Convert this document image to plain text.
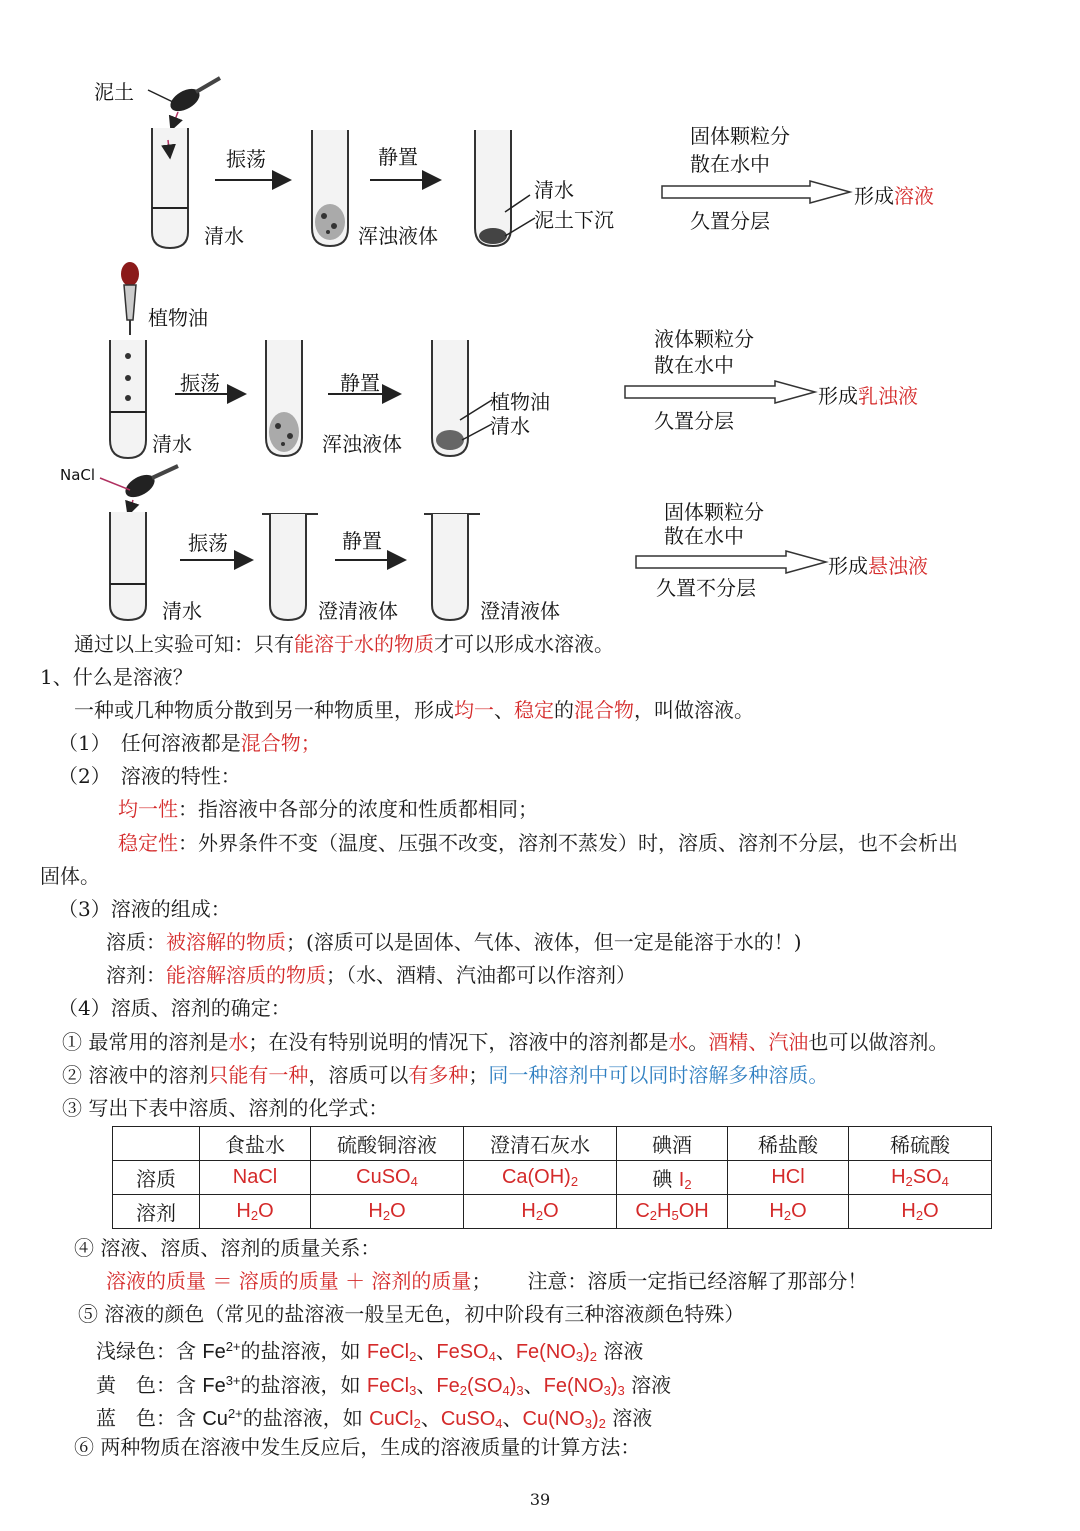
泥土
振荡	静置
清水	浑浊液体
清水
泥土下沉
固体颗粒分
散在水中
久置分层
形成溶液
植物油
振荡	静置
清水	浑浊液体
植物油
清水
液体颗粒分
散在水中
久置分层
形成乳浊液
NaCl
振荡	静置
清水	澄清液体	澄清液体
固体颗粒分
散在水中
久置不分层
形成悬浊液
通过以上实验可知：只有能溶于水的物质才可以形成水溶液。
1、什么是溶液？
一种或几种物质分散到另一种物质里，形成均一、稳定的混合物，叫做溶液。
（1）　任何溶液都是混合物；
（2）　溶液的特性：
均一性：指溶液中各部分的浓度和性质都相同；
稳定性：外界条件不变（温度、压强不改变，溶剂不蒸发）时，溶质、溶剂不分层，也不会析出
固体。
（3）溶液的组成：
溶质：被溶解的物质；(溶质可以是固体、气体、液体，但一定是能溶于水的！)
溶剂：能溶解溶质的物质；（水、酒精、汽油都可以作溶剂）
（4）溶质、溶剂的确定：
① 最常用的溶剂是水；在没有特别说明的情况下，溶液中的溶剂都是水。酒精、汽油也可以做溶剂。
② 溶液中的溶剂只能有一种，溶质可以有多种；同一种溶剂中可以同时溶解多种溶质。
③ 写出下表中溶质、溶剂的化学式：
	食盐水	硫酸铜溶液	澄清石灰水	碘酒	稀盐酸	稀硫酸
溶质	NaCl	CuSO$_4$	$Ca(OH)_2$	碘 $I_2$	HCl	$H_2SO_4$
溶剂	$H_2O$	$H_2O$	$H_2O$	$C_2H_5OH$	$H_2O$	$H_2O$
④ 溶液、溶质、溶剂的质量关系：
溶液的质量 ＝ 溶质的质量 ＋ 溶剂的质量； 注意：溶质一定指已经溶解了那部分！
⑤ 溶液的颜色（常见的盐溶液一般呈无色，初中阶段有三种溶液颜色特殊）
浅绿色：含 $Fe^{2+}$的盐溶液，如 FeCl$_2$、FeSO$_4$、$Fe(NO_3)_2$ 溶液
黄　色：含 $Fe^{3+}$的盐溶液，如 FeCl$_3$、$Fe_2(SO_4)_3$、$Fe(NO_3)_3$ 溶液
蓝　色：含 $Cu^{2+}$的盐溶液，如 CuCl$_2$、CuSO$_4$、$Cu(NO_3)_2$ 溶液
⑥ 两种物质在溶液中发生反应后，生成的溶液质量的计算方法：
39
